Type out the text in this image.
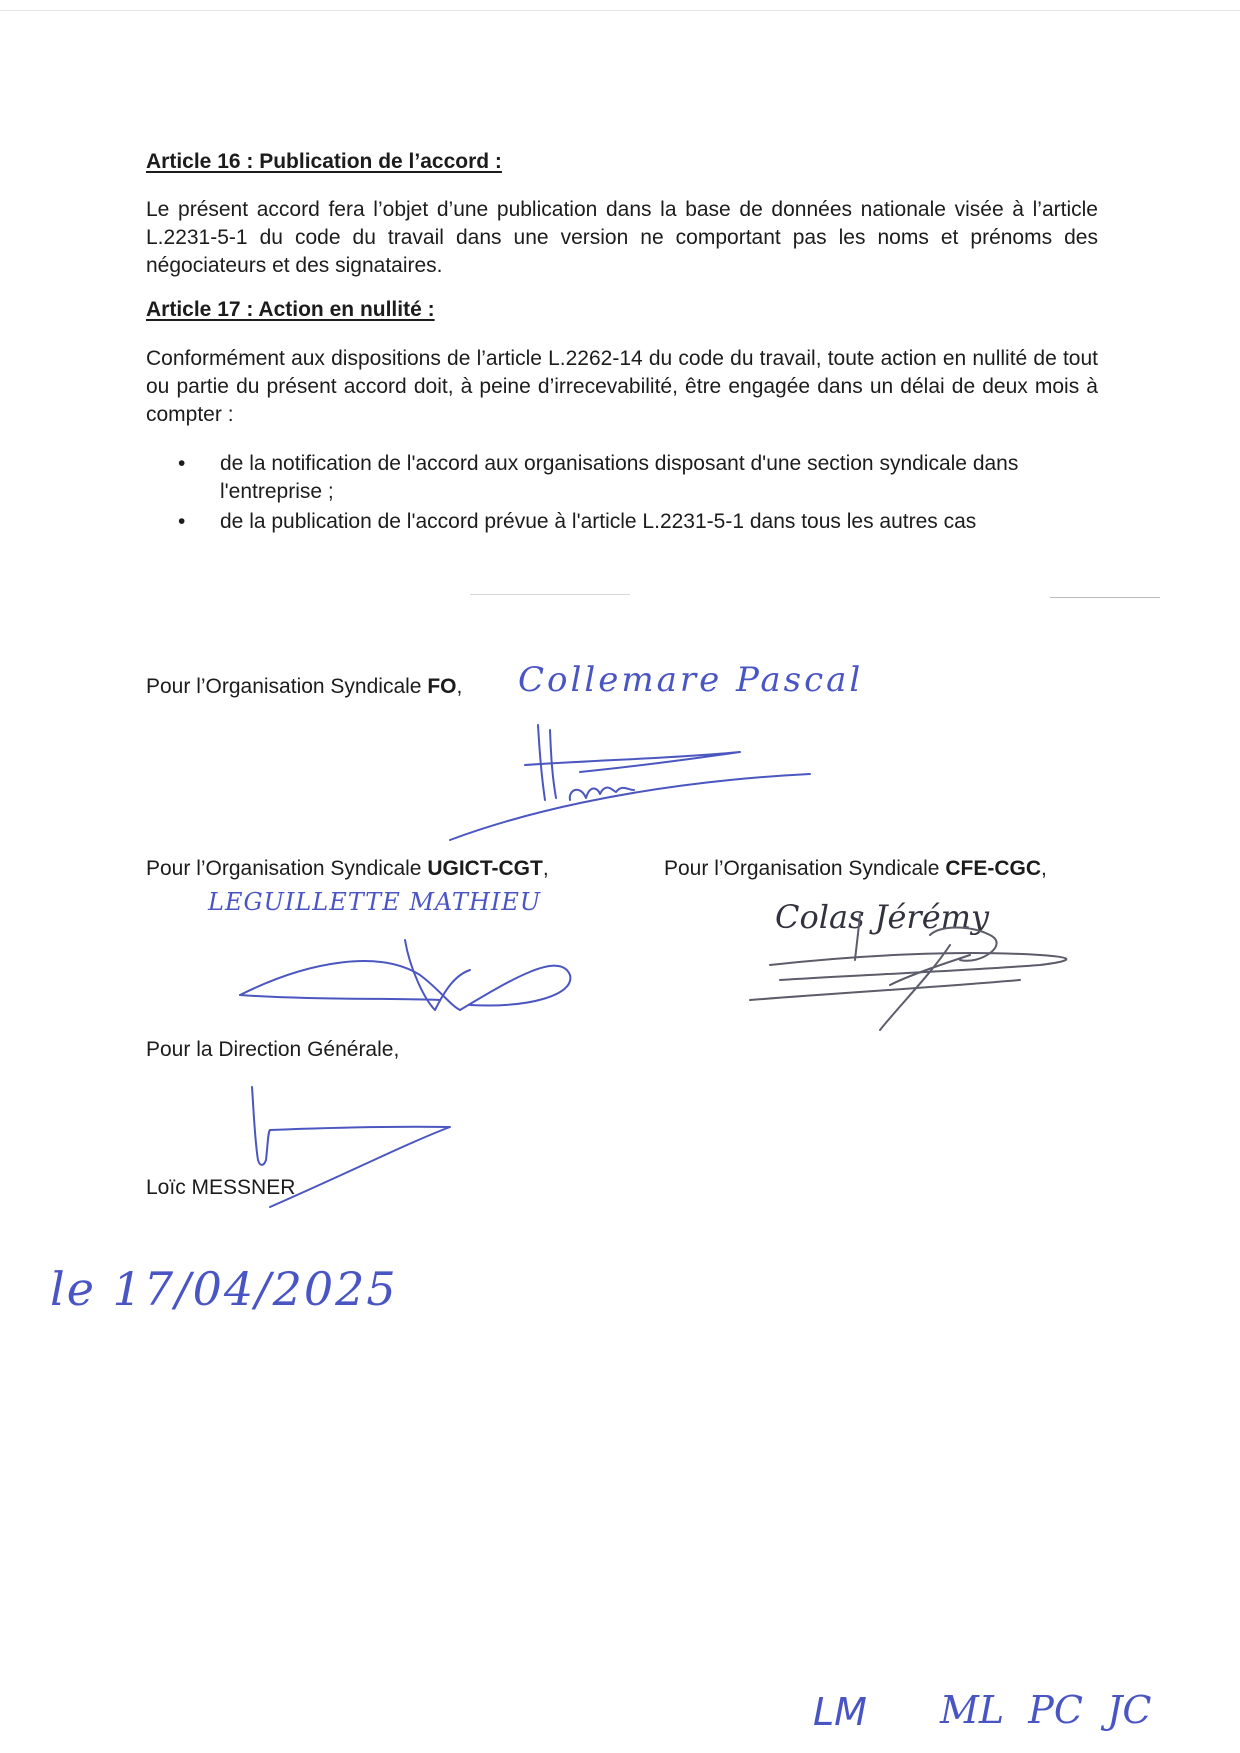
Article 16 : Publication de l’accord :

Le présent accord fera l’objet d’une publication dans la base de données nationale visée à l’article L.2231-5-1 du code du travail dans une version ne comportant pas les noms et prénoms des négociateurs et des signataires.

Article 17 : Action en nullité :

Conformément aux dispositions de l’article L.2262-14 du code du travail, toute action en nullité de tout ou partie du présent accord doit, à peine d’irrecevabilité, être engagée dans un délai de deux mois à compter :

• de la notification de l'accord aux organisations disposant d'une section syndicale dans l'entreprise ;
• de la publication de l'accord prévue à l'article L.2231-5-1 dans tous les autres cas
Pour l’Organisation Syndicale FO, Collemare Pascal
Pour l’Organisation Syndicale UGICT-CGT,
LEGUILLETTE MATHIEU
Pour l’Organisation Syndicale CFE-CGC,
Colas Jérémy
Pour la Direction Générale,
Loïc MESSNER
le 17/04/2025
LM ML  PC  JC
